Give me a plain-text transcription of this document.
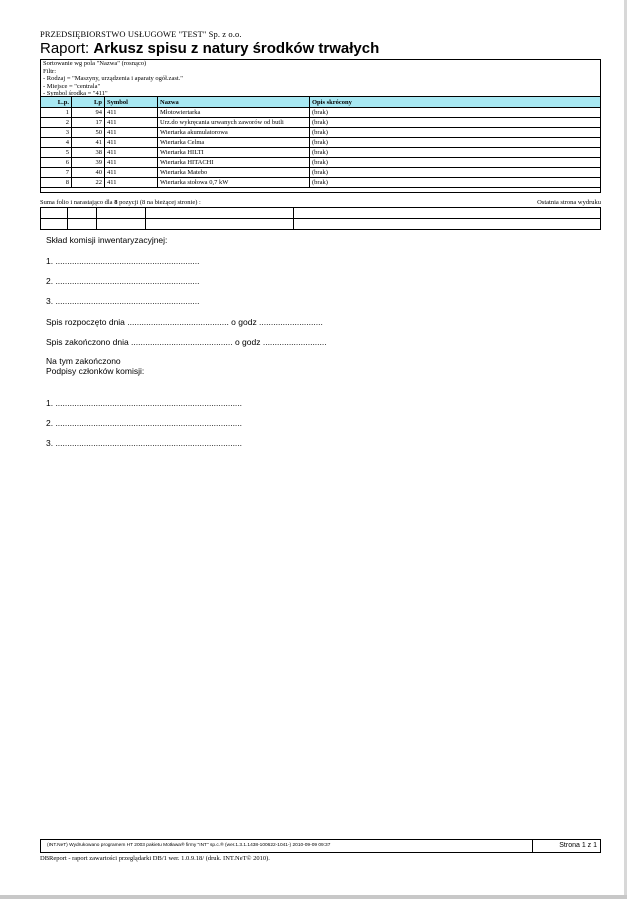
PRZEDSIĘBIORSTWO USŁUGOWE "TEST" Sp. z o.o.
Raport: Arkusz spisu z natury środków trwałych
Sortowanie wg pola "Nazwa" (rosnąco)
Filtr:
- Rodzaj = "Maszyny, urządzenia i aparaty ogół.zast."
- Miejsce = "centrala"
- Symbol środka = "411"
L.p.	Lp	Symbol	Nazwa	Opis skrócony
1	94	411	Młotowiertarka	(brak)
2	17	411	Urz.do wykręcania urwanych zaworów od butli	(brak)
3	50	411	Wiertarka akumulatorowa	(brak)
4	41	411	Wiertarka Celma	(brak)
5	38	411	Wiertarka HILTI	(brak)
6	39	411	Wiertarka HITACHI	(brak)
7	40	411	Wiertarka Matebo	(brak)
8	22	411	Wiertarka stołowa 0,7 kW	(brak)
Suma folio i narastająco dla 8 pozycji (8 na bieżącej stronie) :	Ostatnia strona wydruku

Skład komisji inwentaryzacyjnej:
1. .............................................................
2. .............................................................
3. .............................................................
Spis rozpoczęto dnia ........................................... o godz ...........................
Spis zakończono dnia ........................................... o godz ...........................
Na tym zakończono
Podpisy członków komisji:
1. ...............................................................................
2. ...............................................................................
3. ...............................................................................
(INT.NeT) Wydrukowano programem HT 2003 pakietu Motława® firmy "INT" sp.c.® (wer.1.3.1.1438-100622-1041-) 2010-09-09 09:37	Strona 1 z 1
DBReport - raport zawartości przeglądarki DB/1 wer. 1.0.9.18/ (druk. INT.NeT© 2010).
